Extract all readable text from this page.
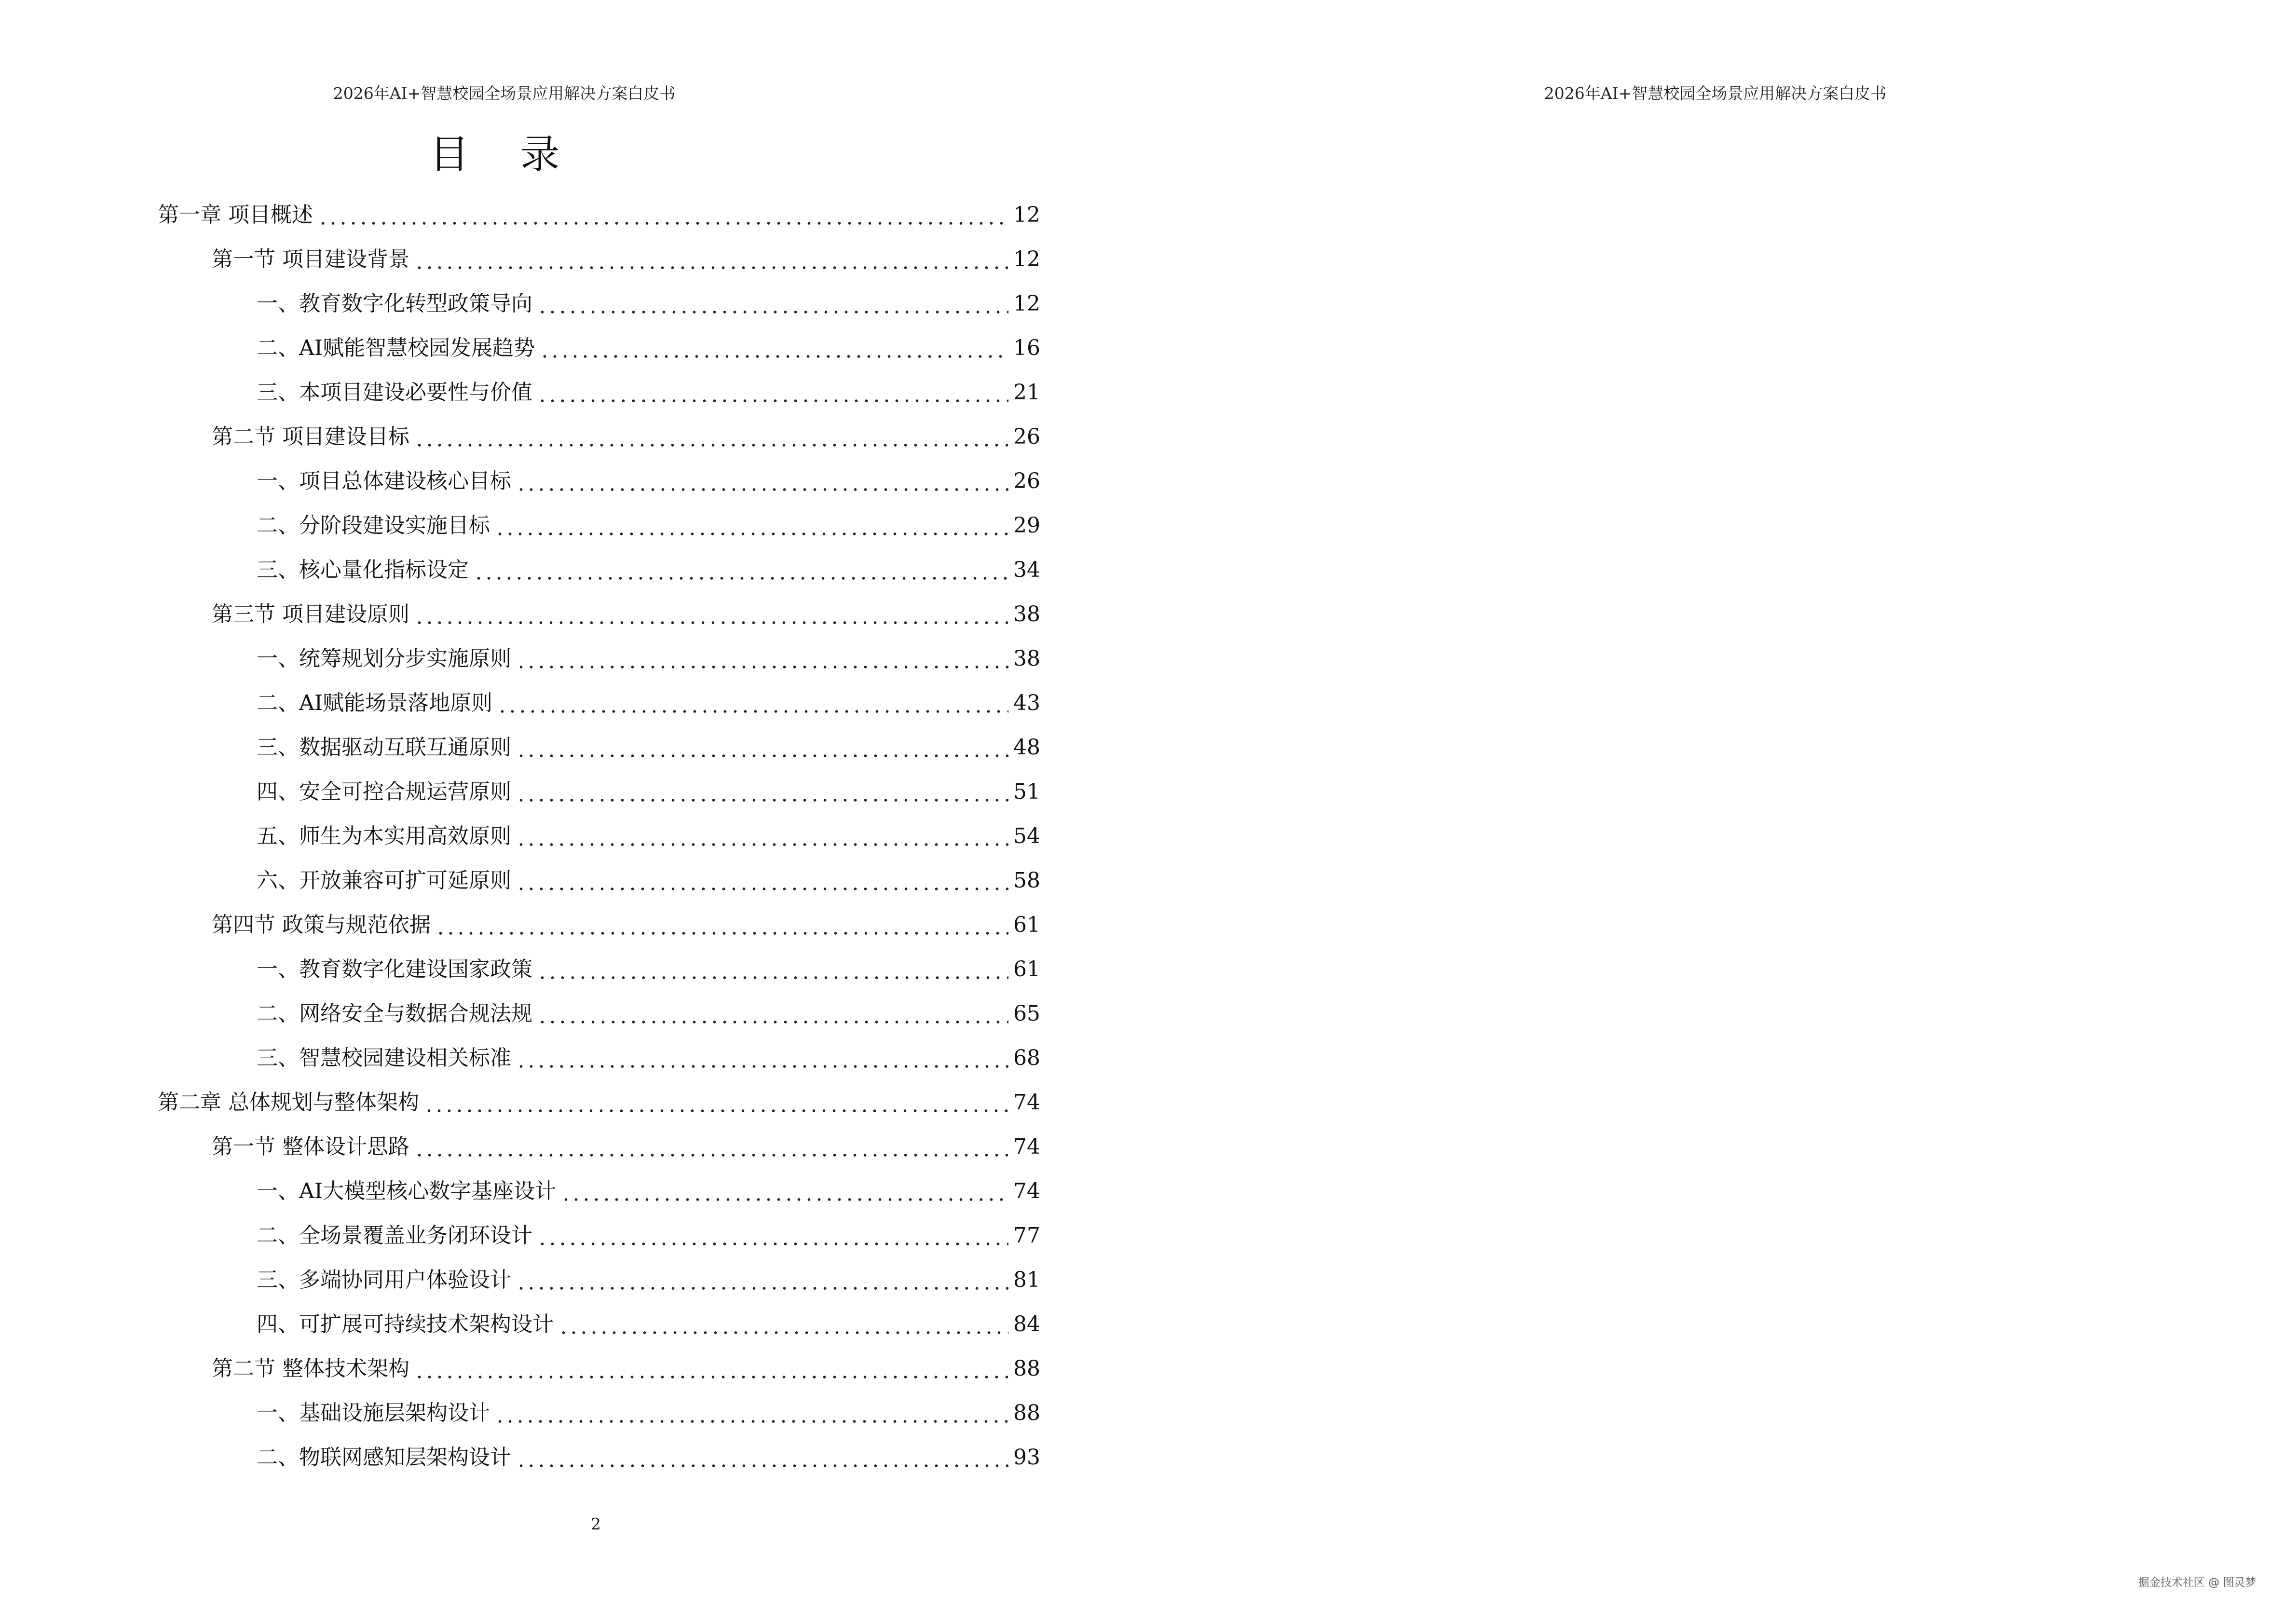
2026年AI+智慧校园全场景应用解决方案白皮书
目 录
第一章 项目概述	12
第一节 项目建设背景	12
一、教育数字化转型政策导向	12
二、AI赋能智慧校园发展趋势	16
三、本项目建设必要性与价值	21
第二节 项目建设目标	26
一、项目总体建设核心目标	26
二、分阶段建设实施目标	29
三、核心量化指标设定	34
第三节 项目建设原则	38
一、统筹规划分步实施原则	38
二、AI赋能场景落地原则	43
三、数据驱动互联互通原则	48
四、安全可控合规运营原则	51
五、师生为本实用高效原则	54
六、开放兼容可扩可延原则	58
第四节 政策与规范依据	61
一、教育数字化建设国家政策	61
二、网络安全与数据合规法规	65
三、智慧校园建设相关标准	68
第二章 总体规划与整体架构	74
第一节 整体设计思路	74
一、AI大模型核心数字基座设计	74
二、全场景覆盖业务闭环设计	77
三、多端协同用户体验设计	81
四、可扩展可持续技术架构设计	84
第二节 整体技术架构	88
一、基础设施层架构设计	88
二、物联网感知层架构设计	93
2
2026年AI+智慧校园全场景应用解决方案白皮书
掘金技术社区 @ 图灵梦
